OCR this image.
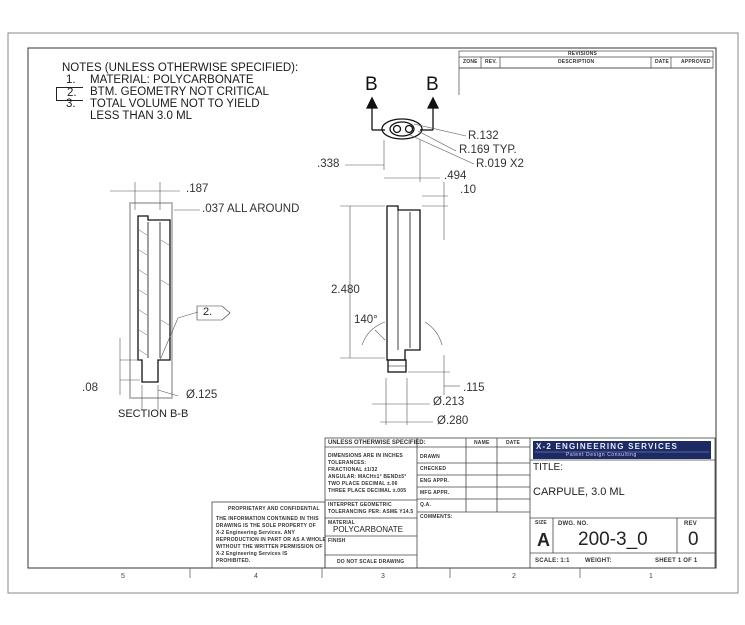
NOTES (UNLESS OTHERWISE SPECIFIED):
1. MATERIAL: POLYCARBONATE
2. BTM. GEOMETRY NOT CRITICAL
3. TOTAL VOLUME NOT TO YIELD
LESS THAN 3.0 ML
REVISIONS
ZONE REV.	DESCRIPTION	DATE APPROVED
B	B
R.132
R.169 TYP.
R.019 X2
.338
.494
.187
.037 ALL AROUND
2.
.08
Ø.125
SECTION B-B
.10
2.480
140°
.115
Ø.213
Ø.280
UNLESS OTHERWISE SPECIFIED:
DIMENSIONS ARE IN INCHES
TOLERANCES:
FRACTIONAL ±1/32
ANGULAR: MACH±1° BEND±5°
TWO PLACE DECIMAL ±.06
THREE PLACE DECIMAL ±.005
INTERPRET GEOMETRIC
TOLERANCING PER: ASME Y14.5
MATERIAL
POLYCARBONATE
FINISH
DO NOT SCALE DRAWING
NAME	DATE
DRAWN
CHECKED
ENG APPR.
MFG APPR.
Q.A.
COMMENTS:
X-2 ENGINEERING SERVICES
Patent Design Consulting
TITLE:
CARPULE, 3.0 ML
SIZE
A
DWG. NO.
200-3_0
REV
0
SCALE: 1:1	WEIGHT:	SHEET 1 OF 1
PROPRIETARY AND CONFIDENTIAL
THE INFORMATION CONTAINED IN THIS
DRAWING IS THE SOLE PROPERTY OF
X-2 Engineering Services. ANY
REPRODUCTION IN PART OR AS A WHOLE
WITHOUT THE WRITTEN PERMISSION OF
X-2 Engineering Services IS
PROHIBITED.
5	4	3	2	1
